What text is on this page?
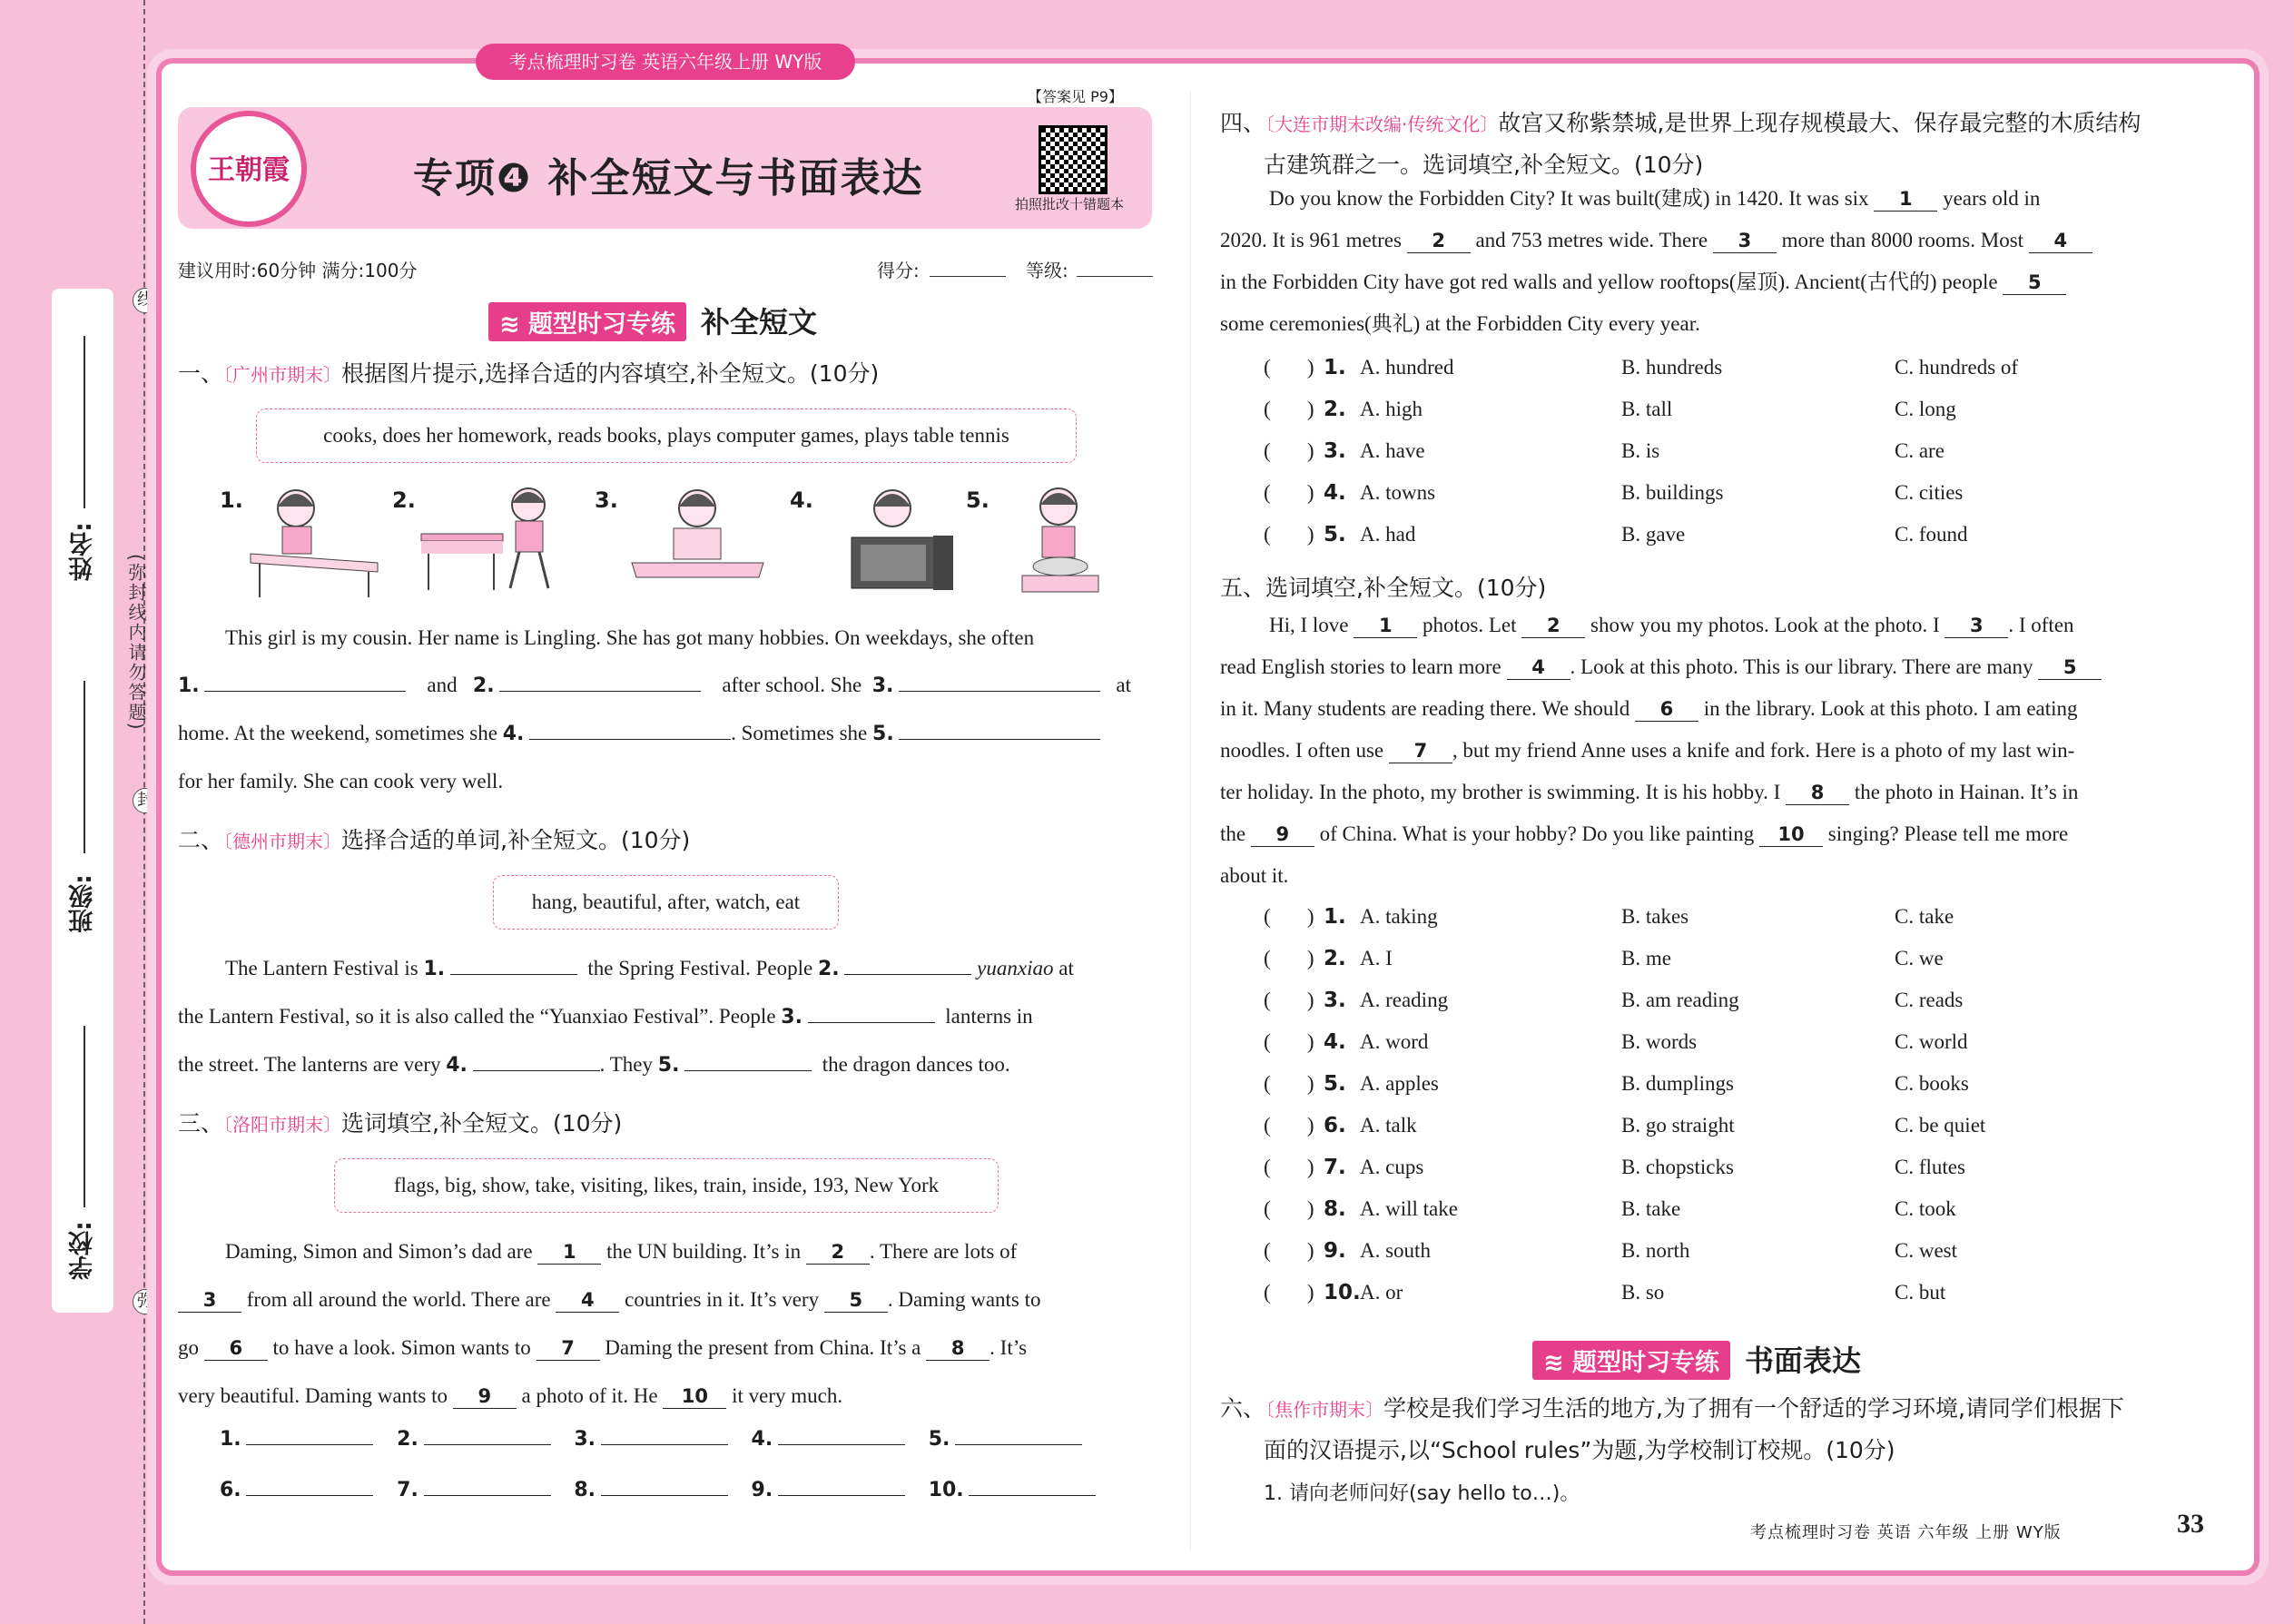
姓名:
班级:
学校:
(弥封线内请勿答题)
线
封
弥
考点梳理时习卷 英语六年级上册 WY版
王朝霞	专项❹ 补全短文与书面表达
【答案见 P9】
拍照批改十错题本
建议用时:60分钟 满分:100分	得分:	等级:
≋ 题型时习专练 补全短文
一、〔广州市期末〕根据图片提示,选择合适的内容填空,补全短文。(10分)
cooks, does her homework, reads books, plays computer games, plays table tennis
1.	2.	3.	4.	5.
This girl is my cousin. Her name is Lingling. She has got many hobbies. On weekdays, she often
1.	and 2.	after school. She 3.	at
home. At the weekend, sometimes she 4.	. Sometimes she 5.
for her family. She can cook very well.
二、〔德州市期末〕选择合适的单词,补全短文。(10分)
hang, beautiful, after, watch, eat
The Lantern Festival is 1.	the Spring Festival. People 2.	yuanxiao at
the Lantern Festival, so it is also called the “Yuanxiao Festival”. People 3.	lanterns in
the street. The lanterns are very 4.	. They 5.	the dragon dances too.
三、〔洛阳市期末〕选词填空,补全短文。(10分)
flags, big, show, take, visiting, likes, train, inside, 193, New York
Daming, Simon and Simon’s dad are 1 the UN building. It’s in 2 . There are lots of
3 from all around the world. There are 4 countries in it. It’s very 5 . Daming wants to
go 6 to have a look. Simon wants to 7 Daming the present from China. It’s a 8 . It’s
very beautiful. Daming wants to 9 a photo of it. He 10 it very much.
1.	2.	3.	4.	5.
6.	7.	8.	9.	10.
四、〔大连市期末改编·传统文化〕故宫又称紫禁城,是世界上现存规模最大、保存最完整的木质结构
古建筑群之一。选词填空,补全短文。(10分)
Do you know the Forbidden City? It was built(建成) in 1420. It was six 1 years old in
2020. It is 961 metres 2 and 753 metres wide. There 3 more than 8000 rooms. Most 4
in the Forbidden City have got red walls and yellow rooftops(屋顶). Ancient(古代的) people 5
some ceremonies(典礼) at the Forbidden City every year.
(       ) 1. A. hundred	B. hundreds	C. hundreds of
(       ) 2. A. high	B. tall	C. long
(       ) 3. A. have	B. is	C. are
(       ) 4. A. towns	B. buildings	C. cities
(       ) 5. A. had	B. gave	C. found
五、选词填空,补全短文。(10分)
Hi, I love 1 photos. Let 2 show you my photos. Look at the photo. I 3 . I often
read English stories to learn more 4 . Look at this photo. This is our library. There are many 5
in it. Many students are reading there. We should 6 in the library. Look at this photo. I am eating
noodles. I often use 7 , but my friend Anne uses a knife and fork. Here is a photo of my last win-
ter holiday. In the photo, my brother is swimming. It is his hobby. I 8 the photo in Hainan. It’s in
the 9 of China. What is your hobby? Do you like painting 10 singing? Please tell me more
about it.
(       ) 1. A. taking	B. takes	C. take
(       ) 2. A. I	B. me	C. we
(       ) 3. A. reading	B. am reading	C. reads
(       ) 4. A. word	B. words	C. world
(       ) 5. A. apples	B. dumplings	C. books
(       ) 6. A. talk	B. go straight	C. be quiet
(       ) 7. A. cups	B. chopsticks	C. flutes
(       ) 8. A. will take	B. take	C. took
(       ) 9. A. south	B. north	C. west
(       ) 10. A. or	B. so	C. but
≋ 题型时习专练 书面表达
六、〔焦作市期末〕学校是我们学习生活的地方,为了拥有一个舒适的学习环境,请同学们根据下
面的汉语提示,以“School rules”为题,为学校制订校规。(10分)
1. 请向老师问好(say hello to…)。
考点梳理时习卷 英语 六年级 上册 WY版	33
